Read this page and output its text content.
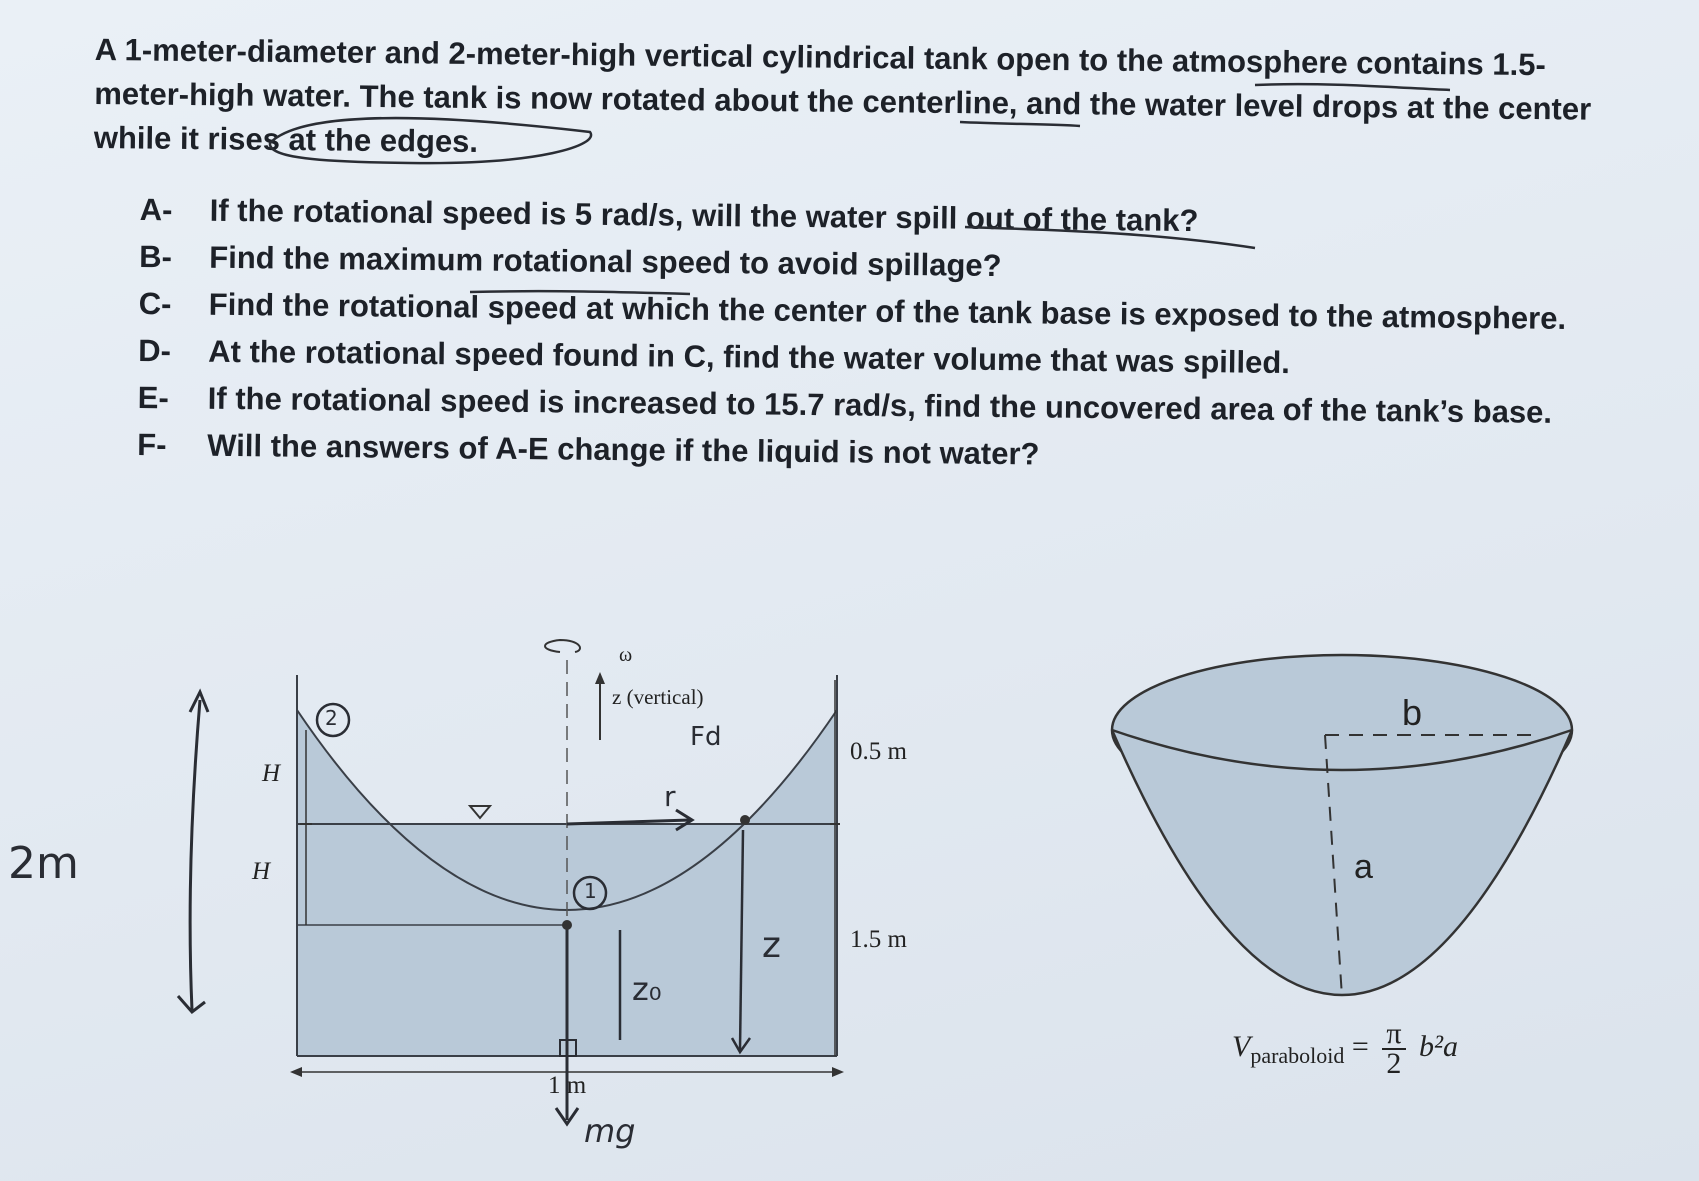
A 1-meter-diameter and 2-meter-high vertical cylindrical tank open to the atmosphere contains 1.5-meter-high water. The tank is now rotated about the centerline, and the water level drops at the center while it rises at the edges.

A- If the rotational speed is 5 rad/s, will the water spill out of the tank?
B- Find the maximum rotational speed to avoid spillage?
C- Find the rotational speed at which the center of the tank base is exposed to the atmosphere.
D- At the rotational speed found in C, find the water volume that was spilled.
E- If the rotational speed is increased to 15.7 rad/s, find the uncovered area of the tank’s base.
F- Will the answers of A-E change if the liquid is not water?
ω
z (vertical)
0.5 m
1.5 m
1 m
H
H
2
1
2m
z₀
z
mg
r
Fd
b
a
$V_{paraboloid} = \frac{\pi}{2} b^2a$
